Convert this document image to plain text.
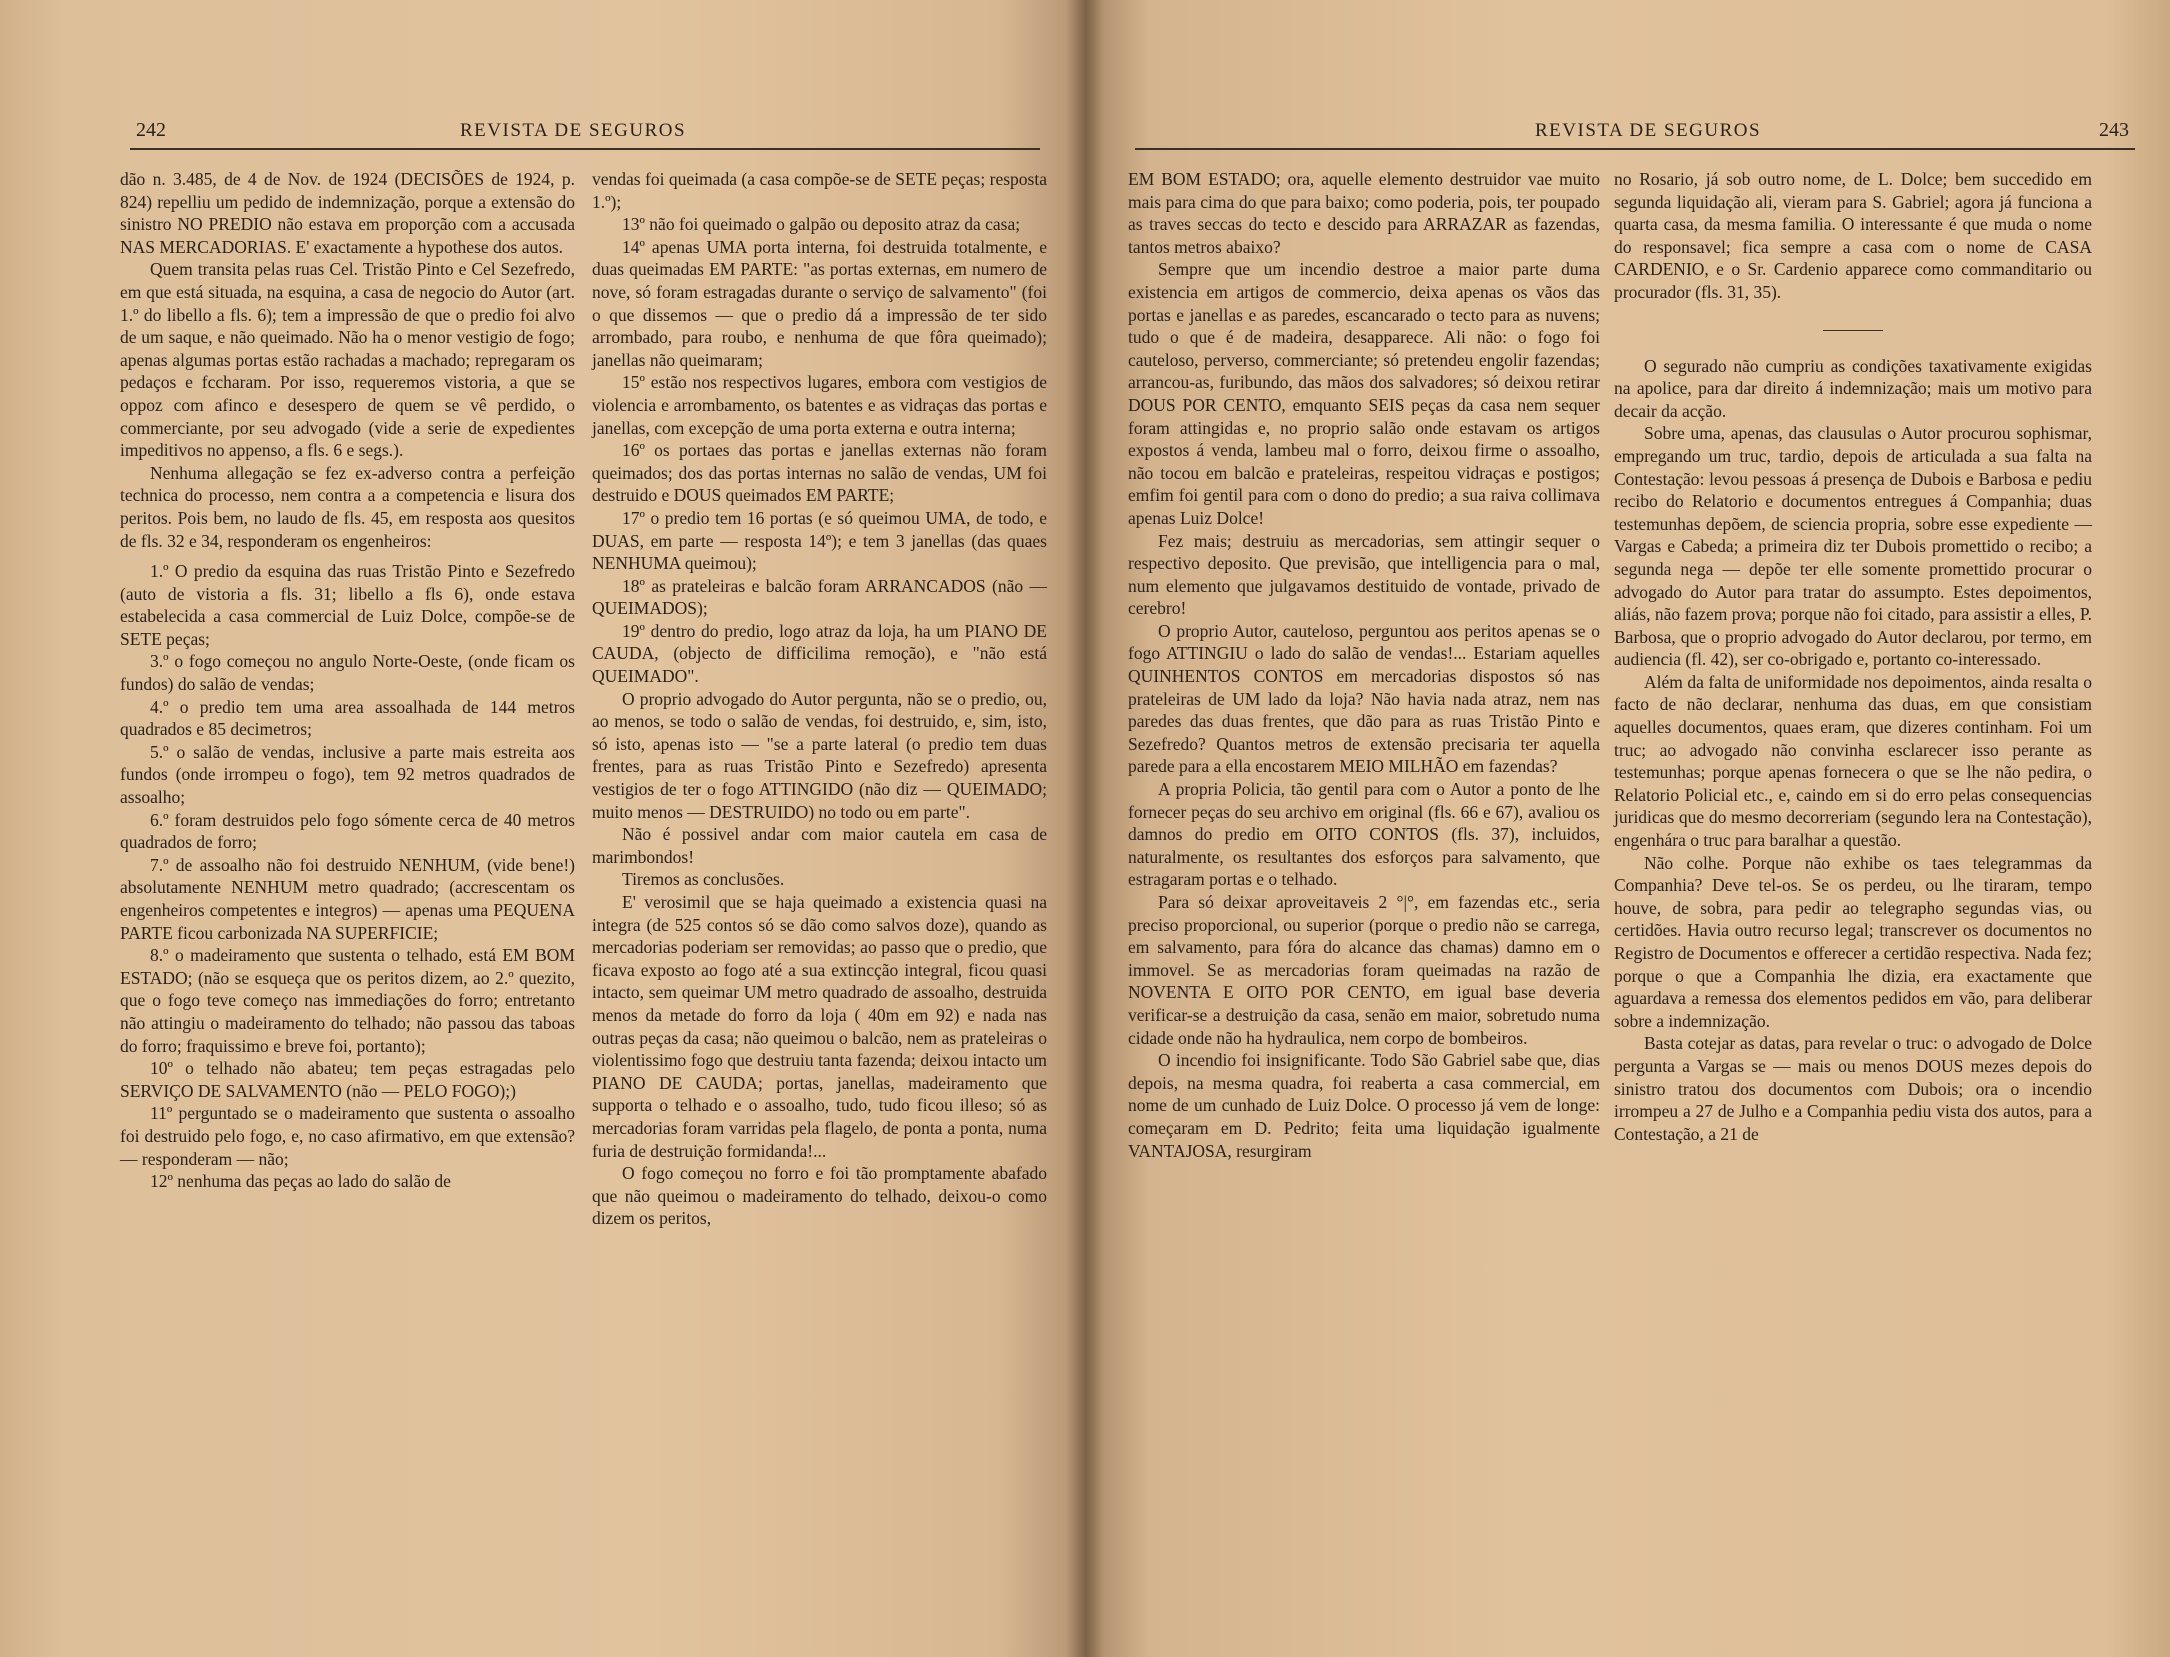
242	REVISTA DE SEGUROS

dão n. 3.485, de 4 de Nov. de 1924 (DECISÕES de 1924, p. 824) repelliu um pedido de indemnização, porque a extensão do sinistro NO PREDIO não estava em proporção com a accusada NAS MERCADORIAS. E' exactamente a hypothese dos autos.

Quem transita pelas ruas Cel. Tristão Pinto e Cel Sezefredo, em que está situada, na esquina, a casa de negocio do Autor (art. 1.º do libello a fls. 6); tem a impressão de que o predio foi alvo de um saque, e não queimado. Não ha o menor vestigio de fogo; apenas algumas portas estão rachadas a machado; repregaram os pedaços e fccharam. Por isso, requeremos vistoria, a que se oppoz com afinco e desespero de quem se vê perdido, o commerciante, por seu advogado (vide a serie de expedientes impeditivos no appenso, a fls. 6 e segs.).

Nenhuma allegação se fez ex-adverso contra a perfeição technica do processo, nem contra a a competencia e lisura dos peritos. Pois bem, no laudo de fls. 45, em resposta aos quesitos de fls. 32 e 34, responderam os engenheiros:

1.º O predio da esquina das ruas Tristão Pinto e Sezefredo (auto de vistoria a fls. 31; libello a fls 6), onde estava estabelecida a casa commercial de Luiz Dolce, compõe-se de SETE peças;

3.º o fogo começou no angulo Norte-Oeste, (onde ficam os fundos) do salão de vendas;

4.º o predio tem uma area assoalhada de 144 metros quadrados e 85 decimetros;

5.º o salão de vendas, inclusive a parte mais estreita aos fundos (onde irrompeu o fogo), tem 92 metros quadrados de assoalho;

6.º foram destruidos pelo fogo sómente cerca de 40 metros quadrados de forro;

7.º de assoalho não foi destruido NENHUM, (vide bene!) absolutamente NENHUM metro quadrado; (accrescentam os engenheiros competentes e integros) — apenas uma PEQUENA PARTE ficou carbonizada NA SUPERFICIE;

8.º o madeiramento que sustenta o telhado, está EM BOM ESTADO; (não se esqueça que os peritos dizem, ao 2.º quezito, que o fogo teve começo nas immediações do forro; entretanto não attingiu o madeiramento do telhado; não passou das taboas do forro; fraquissimo e breve foi, portanto);

10º o telhado não abateu; tem peças estragadas pelo SERVIÇO DE SALVAMENTO (não — PELO FOGO);)

11º perguntado se o madeiramento que sustenta o assoalho foi destruido pelo fogo, e, no caso afirmativo, em que extensão? — responderam — não;

12º nenhuma das peças ao lado do salão de

vendas foi queimada (a casa compõe-se de SETE peças; resposta 1.º);

13º não foi queimado o galpão ou deposito atraz da casa;

14º apenas UMA porta interna, foi destruida totalmente, e duas queimadas EM PARTE: "as portas externas, em numero de nove, só foram estragadas durante o serviço de salvamento" (foi o que dissemos — que o predio dá a impressão de ter sido arrombado, para roubo, e nenhuma de que fôra queimado); janellas não queimaram;

15º estão nos respectivos lugares, embora com vestigios de violencia e arrombamento, os batentes e as vidraças das portas e janellas, com excepção de uma porta externa e outra interna;

16º os portaes das portas e janellas externas não foram queimados; dos das portas internas no salão de vendas, UM foi destruido e DOUS queimados EM PARTE;

17º o predio tem 16 portas (e só queimou UMA, de todo, e DUAS, em parte — resposta 14º); e tem 3 janellas (das quaes NENHUMA queimou);

18º as prateleiras e balcão foram ARRANCADOS (não — QUEIMADOS);

19º dentro do predio, logo atraz da loja, ha um PIANO DE CAUDA, (objecto de difficilima remoção), e "não está QUEIMADO".

O proprio advogado do Autor pergunta, não se o predio, ou, ao menos, se todo o salão de vendas, foi destruido, e, sim, isto, só isto, apenas isto — "se a parte lateral (o predio tem duas frentes, para as ruas Tristão Pinto e Sezefredo) apresenta vestigios de ter o fogo ATTINGIDO (não diz — QUEIMADO; muito menos — DESTRUIDO) no todo ou em parte".

Não é possivel andar com maior cautela em casa de marimbondos!

Tiremos as conclusões.

E' verosimil que se haja queimado a existencia quasi na integra (de 525 contos só se dão como salvos doze), quando as mercadorias poderiam ser removidas; ao passo que o predio, que ficava exposto ao fogo até a sua extincção integral, ficou quasi intacto, sem queimar UM metro quadrado de assoalho, destruida menos da metade do forro da loja ( 40m em 92) e nada nas outras peças da casa; não queimou o balcão, nem as prateleiras o violentissimo fogo que destruiu tanta fazenda; deixou intacto um PIANO DE CAUDA; portas, janellas, madeiramento que supporta o telhado e o assoalho, tudo, tudo ficou illeso; só as mercadorias foram varridas pela flagelo, de ponta a ponta, numa furia de destruição formidanda!...

O fogo começou no forro e foi tão promptamente abafado que não queimou o madeiramento do telhado, deixou-o como dizem os peritos,

REVISTA DE SEGUROS	243

EM BOM ESTADO; ora, aquelle elemento destruidor vae muito mais para cima do que para baixo; como poderia, pois, ter poupado as traves seccas do tecto e descido para ARRAZAR as fazendas, tantos metros abaixo?

Sempre que um incendio destroe a maior parte duma existencia em artigos de commercio, deixa apenas os vãos das portas e janellas e as paredes, escancarado o tecto para as nuvens; tudo o que é de madeira, desapparece. Ali não: o fogo foi cauteloso, perverso, commerciante; só pretendeu engolir fazendas; arrancou-as, furibundo, das mãos dos salvadores; só deixou retirar DOUS POR CENTO, emquanto SEIS peças da casa nem sequer foram attingidas e, no proprio salão onde estavam os artigos expostos á venda, lambeu mal o forro, deixou firme o assoalho, não tocou em balcão e prateleiras, respeitou vidraças e postigos; emfim foi gentil para com o dono do predio; a sua raiva collimava apenas Luiz Dolce!

Fez mais; destruiu as mercadorias, sem attingir sequer o respectivo deposito. Que previsão, que intelligencia para o mal, num elemento que julgavamos destituido de vontade, privado de cerebro!

O proprio Autor, cauteloso, perguntou aos peritos apenas se o fogo ATTINGIU o lado do salão de vendas!... Estariam aquelles QUINHENTOS CONTOS em mercadorias dispostos só nas prateleiras de UM lado da loja? Não havia nada atraz, nem nas paredes das duas frentes, que dão para as ruas Tristão Pinto e Sezefredo? Quantos metros de extensão precisaria ter aquella parede para a ella encostarem MEIO MILHÃO em fazendas?

A propria Policia, tão gentil para com o Autor a ponto de lhe fornecer peças do seu archivo em original (fls. 66 e 67), avaliou os damnos do predio em OITO CONTOS (fls. 37), incluidos, naturalmente, os resultantes dos esforços para salvamento, que estragaram portas e o telhado.

Para só deixar aproveitaveis 2 °|°, em fazendas etc., seria preciso proporcional, ou superior (porque o predio não se carrega, em salvamento, para fóra do alcance das chamas) damno em o immovel. Se as mercadorias foram queimadas na razão de NOVENTA E OITO POR CENTO, em igual base deveria verificar-se a destruição da casa, senão em maior, sobretudo numa cidade onde não ha hydraulica, nem corpo de bombeiros.

O incendio foi insignificante. Todo São Gabriel sabe que, dias depois, na mesma quadra, foi reaberta a casa commercial, em nome de um cunhado de Luiz Dolce. O processo já vem de longe: começaram em D. Pedrito; feita uma liquidação igualmente VANTAJOSA, resurgiram

no Rosario, já sob outro nome, de L. Dolce; bem succedido em segunda liquidação ali, vieram para S. Gabriel; agora já funciona a quarta casa, da mesma familia. O interessante é que muda o nome do responsavel; fica sempre a casa com o nome de CASA CARDENIO, e o Sr. Cardenio apparece como commanditario ou procurador (fls. 31, 35).

O segurado não cumpriu as condições taxativamente exigidas na apolice, para dar direito á indemnização; mais um motivo para decair da acção.

Sobre uma, apenas, das clausulas o Autor procurou sophismar, empregando um truc, tardio, depois de articulada a sua falta na Contestação: levou pessoas á presença de Dubois e Barbosa e pediu recibo do Relatorio e documentos entregues á Companhia; duas testemunhas depõem, de sciencia propria, sobre esse expediente — Vargas e Cabeda; a primeira diz ter Dubois promettido o recibo; a segunda nega — depõe ter elle somente promettido procurar o advogado do Autor para tratar do assumpto. Estes depoimentos, aliás, não fazem prova; porque não foi citado, para assistir a elles, P. Barbosa, que o proprio advogado do Autor declarou, por termo, em audiencia (fl. 42), ser co-obrigado e, portanto co-interessado.

Além da falta de uniformidade nos depoimentos, ainda resalta o facto de não declarar, nenhuma das duas, em que consistiam aquelles documentos, quaes eram, que dizeres continham. Foi um truc; ao advogado não convinha esclarecer isso perante as testemunhas; porque apenas fornecera o que se lhe não pedira, o Relatorio Policial etc., e, caindo em si do erro pelas consequencias juridicas que do mesmo decorreriam (segundo lera na Contestação), engenhára o truc para baralhar a questão.

Não colhe. Porque não exhibe os taes telegrammas da Companhia? Deve tel-os. Se os perdeu, ou lhe tiraram, tempo houve, de sobra, para pedir ao telegrapho segundas vias, ou certidões. Havia outro recurso legal; transcrever os documentos no Registro de Documentos e offerecer a certidão respectiva. Nada fez; porque o que a Companhia lhe dizia, era exactamente que aguardava a remessa dos elementos pedidos em vão, para deliberar sobre a indemnização.

Basta cotejar as datas, para revelar o truc: o advogado de Dolce pergunta a Vargas se — mais ou menos DOUS mezes depois do sinistro tratou dos documentos com Dubois; ora o incendio irrompeu a 27 de Julho e a Companhia pediu vista dos autos, para a Contestação, a 21 de
